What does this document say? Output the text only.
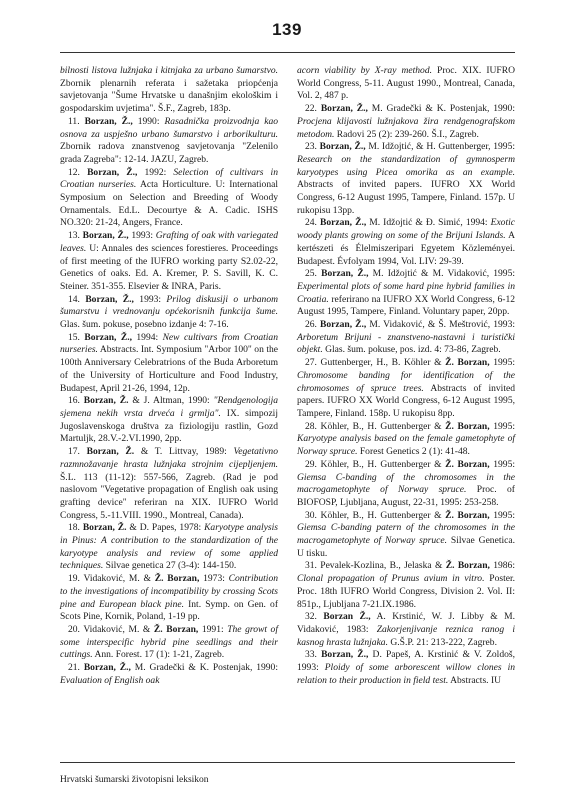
139

bilnosti listova lužnjaka i kitnjaka za urbano šumarstvo. Zbornik plenarnih referata i sažetaka priopćenja savjetovanja "Šume Hrvatske u današnjim ekološkim i gospodarskim uvjetima". Š.F., Zagreb, 183p.

11. Borzan, Ž., 1990: Rasadnička proizvodnja kao osnova za uspješno urbano šumarstvo i arborikulturu. Zbornik radova znanstvenog savjetovanja "Zelenilo grada Zagreba": 12-14. JAZU, Zagreb.

12. Borzan, Ž., 1992: Selection of cultivars in Croatian nurseries. Acta Horticulture. U: International Symposium on Selection and Breeding of Woody Ornamentals. Ed.L. Decourtye & A. Cadic. ISHS NO.320: 21-24, Angers, France.

13. Borzan, Ž., 1993: Grafting of oak with variegated leaves. U: Annales des sciences forestieres. Proceedings of first meeting of the IUFRO working party S2.02-22, Genetics of oaks. Ed. A. Kremer, P. S. Savill, K. C. Steiner. 351-355. Elsevier & INRA, Paris.

14. Borzan, Ž., 1993: Prilog diskusiji o urbanom šumarstvu i vrednovanju općekorisnih funkcija šume. Glas. šum. pokuse, posebno izdanje 4: 7-16.

15. Borzan, Ž., 1994: New cultivars from Croatian nurseries. Abstracts. Int. Symposium "Arbor 100" on the 100th Anniversary Celebratrions of the Buda Arboretum of the University of Horticulture and Food Industry, Budapest, April 21-26, 1994, 12p.

16. Borzan, Ž. & J. Altman, 1990: "Rendgenologija sjemena nekih vrsta drveća i grmlja". IX. simpozij Jugoslavenskoga društva za fiziologiju rastlin, Gozd Martuljk, 28.V.-2.VI.1990, 2pp.

17. Borzan, Ž. & T. Littvay, 1989: Vegetativno razmnožavanje hrasta lužnjaka strojnim cijepljenjem. Š.L. 113 (11-12): 557-566, Zagreb. (Rad je pod naslovom "Vegetative propagation of English oak using grafting device" referiran na XIX. IUFRO World Congress, 5.-11.VIII. 1990., Montreal, Canada).

18. Borzan, Ž. & D. Papes, 1978: Karyotype analysis in Pinus: A contribution to the standardization of the karyotype analysis and review of some applied techniques. Silvae genetica 27 (3-4): 144-150.

19. Vidaković, M. & Ž. Borzan, 1973: Contribution to the investigations of incompatibility by crossing Scots pine and European black pine. Int. Symp. on Gen. of Scots Pine, Kornik, Poland, 1-19 pp.

20. Vidaković, M. & Ž. Borzan, 1991: The growt of some interspecific hybrid pine seedlings and their cuttings. Ann. Forest. 17 (1): 1-21, Zagreb.

21. Borzan, Ž., M. Gradečki & K. Postenjak, 1990: Evaluation of English oak

acorn viability by X-ray method. Proc. XIX. IUFRO World Congress, 5-11. August 1990., Montreal, Canada, Vol. 2, 487 p.

22. Borzan, Ž., M. Gradečki & K. Postenjak, 1990: Procjena klijavosti lužnjakova žira rendgenografskom metodom. Radovi 25 (2): 239-260. Š.I., Zagreb.

23. Borzan, Ž., M. Idžojtić, & H. Guttenberger, 1995: Research on the standardization of gymnosperm karyotypes using Picea omorika as an example. Abstracts of invited papers. IUFRO XX World Congress, 6-12 August 1995, Tampere, Finland. 157p. U rukopisu 13pp.

24. Borzan, Ž., M. Idžojtić & Đ. Simić, 1994: Exotic woody plants growing on some of the Brijuni Islands. A kertészeti és Élelmiszeripari Egyetem Közleményei. Budapest. Évfolyam 1994, Vol. LIV: 29-39.

25. Borzan, Ž., M. Idžojtić & M. Vidaković, 1995: Experimental plots of some hard pine hybrid families in Croatia. referirano na IUFRO XX World Congress, 6-12 August 1995, Tampere, Finland. Voluntary paper, 20pp.

26. Borzan, Ž., M. Vidaković, & Š. Meštrović, 1993: Arboretum Brijuni - znanstveno-nastavni i turistički objekt. Glas. šum. pokuse, pos. izd. 4: 73-86, Zagreb.

27. Guttenberger, H., B. Köhler & Ž. Borzan, 1995: Chromosome banding for identification of the chromosomes of spruce trees. Abstracts of invited papers. IUFRO XX World Congress, 6-12 August 1995, Tampere, Finland. 158p. U rukopisu 8pp.

28. Köhler, B., H. Guttenberger & Ž. Borzan, 1995: Karyotype analysis based on the female gametophyte of Norway spruce. Forest Genetics 2 (1): 41-48.

29. Köhler, B., H. Guttenberger & Ž. Borzan, 1995: Giemsa C-banding of the chromosomes in the macrogametophyte of Norway spruce. Proc. of BIOFOSP, Ljubljana, August, 22-31, 1995: 253-258.

30. Köhler, B., H. Guttenberger & Ž. Borzan, 1995: Giemsa C-banding patern of the chromosomes in the macrogametophyte of Norway spruce. Silvae Genetica. U tisku.

31. Pevalek-Kozlina, B., Jelaska & Ž. Borzan, 1986: Clonal propagation of Prunus avium in vitro. Poster. Proc. 18th IUFRO World Congress, Division 2. Vol. II: 851p., Ljubljana 7-21.IX.1986.

32. Borzan Ž., A. Krstinić, W. J. Libby & M. Vidaković, 1983: Zakorjenjivanje reznica ranog i kasnog hrasta lužnjaka. G.Š.P. 21: 213-222, Zagreb.

33. Borzan, Ž., D. Papeš, A. Krstinić & V. Zoldoš, 1993: Ploidy of some arborescent willow clones in relation to their production in field test. Abstracts. IU

Hrvatski šumarski životopisni leksikon
